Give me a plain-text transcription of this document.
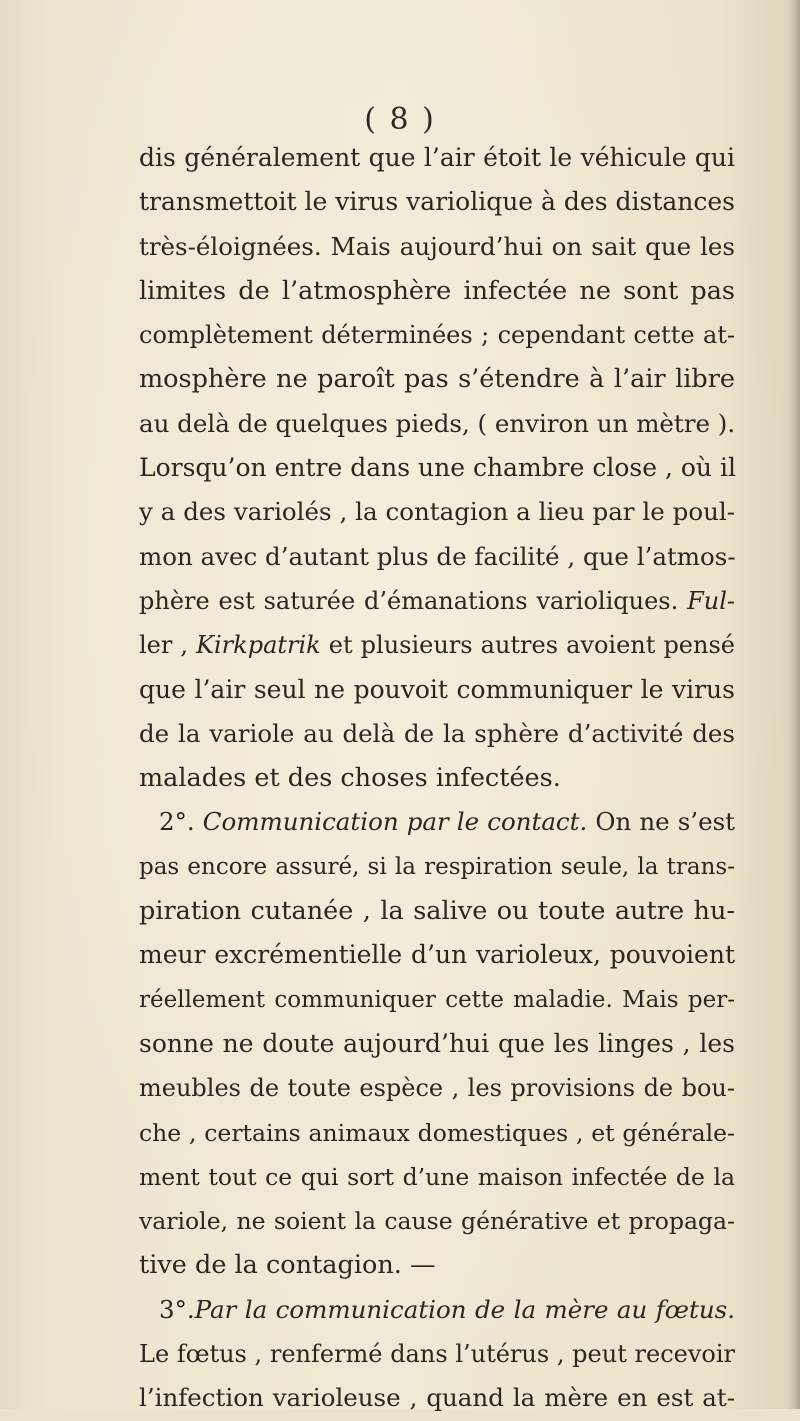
( 8 )
dis généralement que l’air étoit le véhicule qui
transmettoit le virus variolique à des distances
très-éloignées. Mais aujourd’hui on sait que les
limites de l’atmosphère infectée ne sont pas
complètement déterminées ; cependant cette at-
mosphère ne paroît pas s’étendre à l’air libre
au delà de quelques pieds, ( environ un mètre ).
Lorsqu’on entre dans une chambre close , où il
y a des variolés , la contagion a lieu par le poul-
mon avec d’autant plus de facilité , que l’atmos-
phère est saturée d’émanations varioliques. Ful-
ler , Kirkpatrik et plusieurs autres avoient pensé
que l’air seul ne pouvoit communiquer le virus
de la variole au delà de la sphère d’activité des
malades et des choses infectées.
2°. Communication par le contact. On ne s’est
pas encore assuré, si la respiration seule, la trans-
piration cutanée , la salive ou toute autre hu-
meur excrémentielle d’un varioleux, pouvoient
réellement communiquer cette maladie. Mais per-
sonne ne doute aujourd’hui que les linges , les
meubles de toute espèce , les provisions de bou-
che , certains animaux domestiques , et générale-
ment tout ce qui sort d’une maison infectée de la
variole, ne soient la cause générative et propaga-
tive de la contagion. —
3°.Par la communication de la mère au fœtus.
Le fœtus , renfermé dans l’utérus , peut recevoir
l’infection varioleuse , quand la mère en est at-
